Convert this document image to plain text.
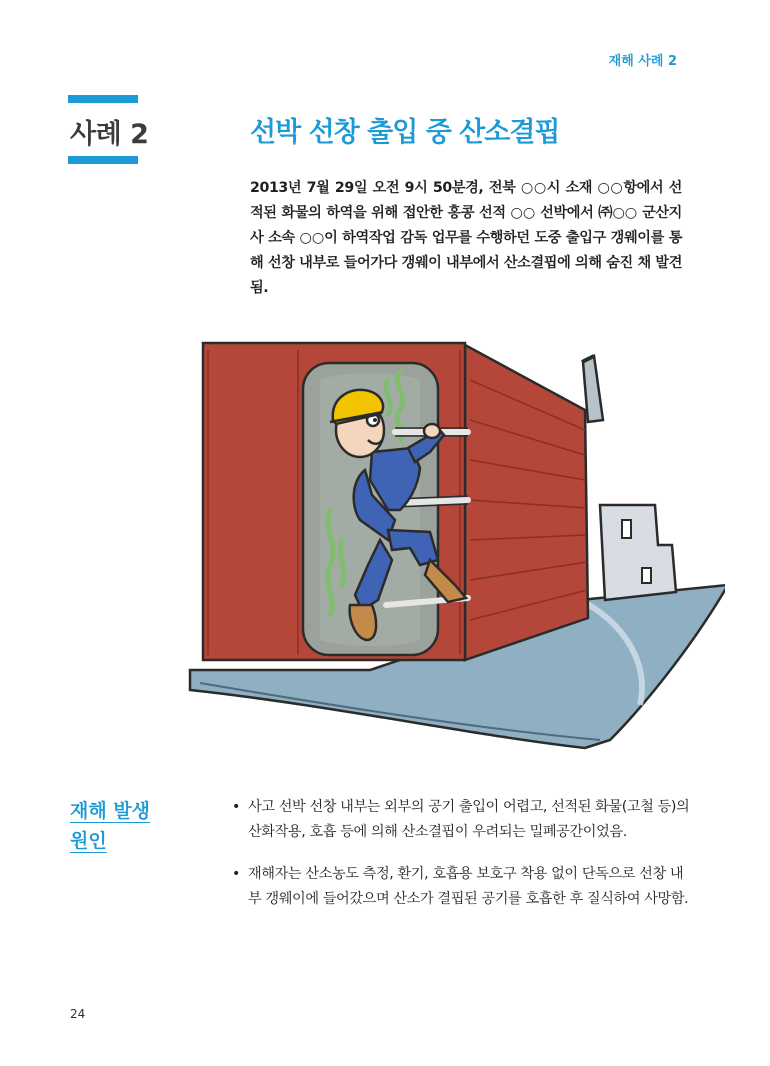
재해 사례 2
사례 2	선박 선창 출입 중 산소결핍
2013년 7월 29일 오전 9시 50분경, 전북 ○○시 소재 ○○항에서 선적된 화물의 하역을 위해 접안한 홍콩 선적 ○○ 선박에서 ㈜○○ 군산지사 소속 ○○이 하역작업 감독 업무를 수행하던 도중 출입구 갱웨이를 통해 선창 내부로 들어가다 갱웨이 내부에서 산소결핍에 의해 숨진 채 발견됨.
재해 발생
원인
• 사고 선박 선창 내부는 외부의 공기 출입이 어렵고, 선적된 화물(고철 등)의 산화작용, 호흡 등에 의해 산소결핍이 우려되는 밀폐공간이었음.
• 재해자는 산소농도 측정, 환기, 호흡용 보호구 착용 없이 단독으로 선창 내부 갱웨이에 들어갔으며 산소가 결핍된 공기를 호흡한 후 질식하여 사망함.
24
